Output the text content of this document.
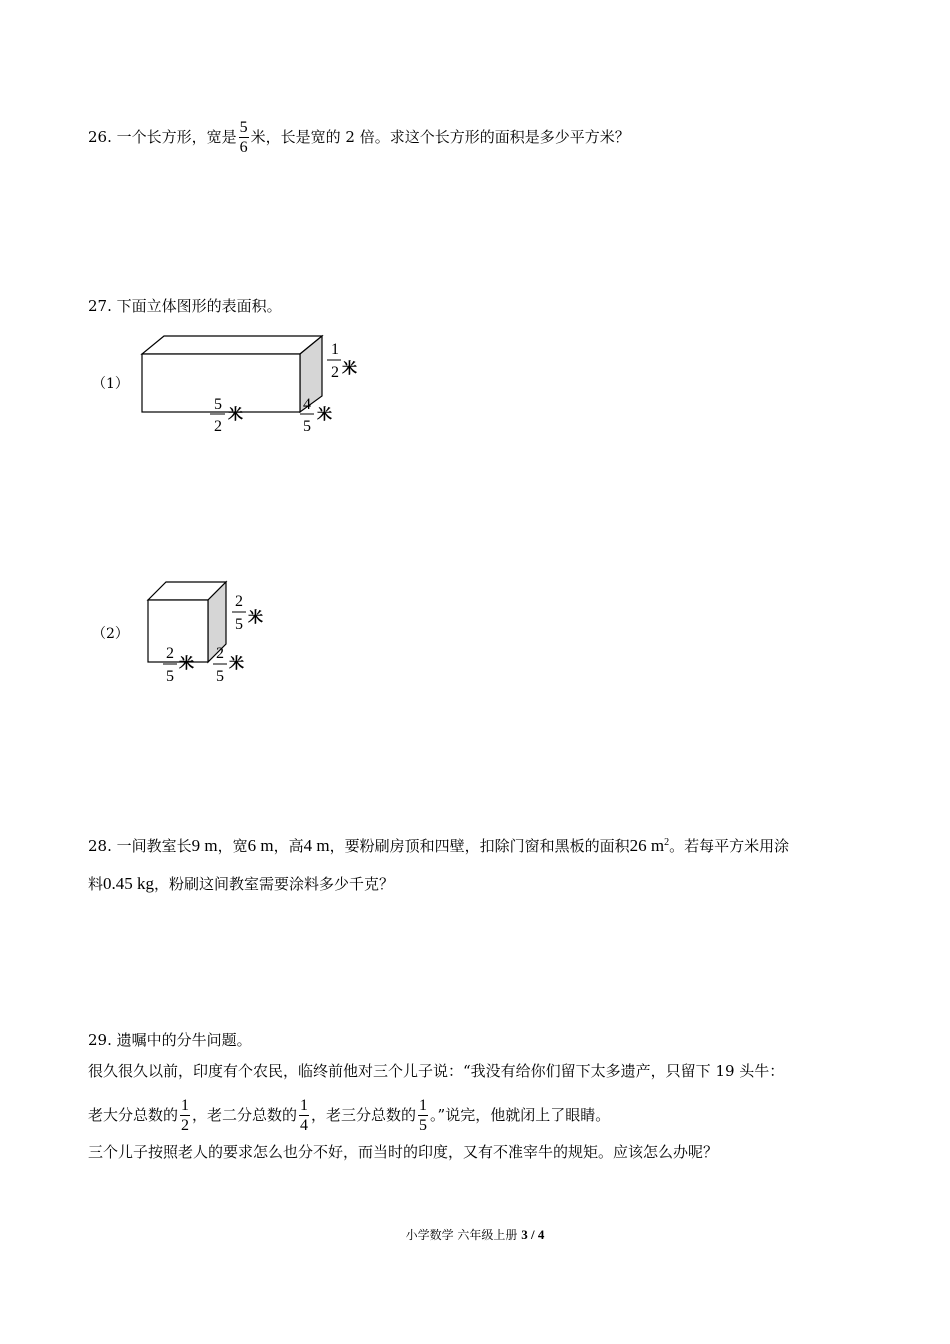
26. 一个长方形，宽是 $\frac{5}{6}$ 米，长是宽的 2 倍。求这个长方形的面积是多少平方米？
27. 下面立体图形的表面积。
（1）
1
2 米
5
2
米
4
5
米
（2）
2
5 米
2
5
米
2
5
米
28. 一间教室长9 m，宽6 m，高4 m，要粉刷房顶和四壁，扣除门窗和黑板的面积26 $m^2$。若每平方米用涂
料0.45 kg，粉刷这间教室需要涂料多少千克？
29. 遗嘱中的分牛问题。
很久很久以前，印度有个农民，临终前他对三个儿子说：“我没有给你们留下太多遗产，只留下 19 头牛：
老大分总数的 $\frac{1}{2}$ ，老二分总数的 $\frac{1}{4}$ ，老三分总数的 $\frac{1}{5}$ 。”说完，他就闭上了眼睛。
三个儿子按照老人的要求怎么也分不好，而当时的印度，又有不准宰牛的规矩。应该怎么办呢？
小学数学 六年级上册 3 / 4
